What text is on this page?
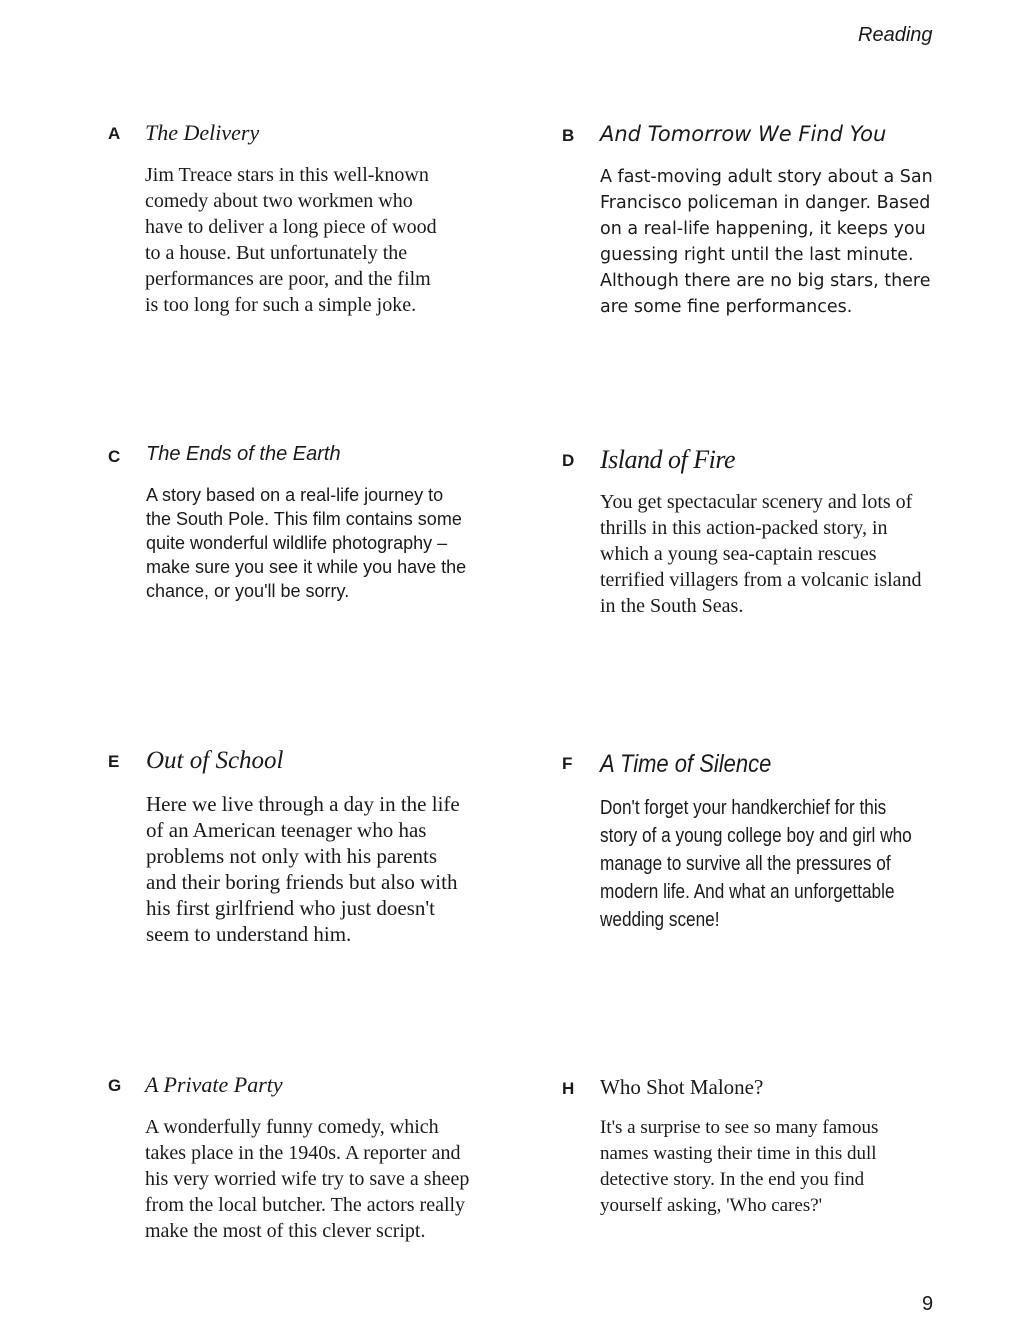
Reading
A The Delivery
Jim Treace stars in this well-known
comedy about two workmen who
have to deliver a long piece of wood
to a house. But unfortunately the
performances are poor, and the film
is too long for such a simple joke.
B And Tomorrow We Find You
A fast-moving adult story about a San
Francisco policeman in danger. Based
on a real-life happening, it keeps you
guessing right until the last minute.
Although there are no big stars, there
are some fine performances.
C The Ends of the Earth
A story based on a real-life journey to
the South Pole. This film contains some
quite wonderful wildlife photography –
make sure you see it while you have the
chance, or you'll be sorry.
D Island of Fire
You get spectacular scenery and lots of
thrills in this action-packed story, in
which a young sea-captain rescues
terrified villagers from a volcanic island
in the South Seas.
E Out of School
Here we live through a day in the life
of an American teenager who has
problems not only with his parents
and their boring friends but also with
his first girlfriend who just doesn't
seem to understand him.
F A Time of Silence
Don't forget your handkerchief for this
story of a young college boy and girl who
manage to survive all the pressures of
modern life. And what an unforgettable
wedding scene!
G A Private Party
A wonderfully funny comedy, which
takes place in the 1940s. A reporter and
his very worried wife try to save a sheep
from the local butcher. The actors really
make the most of this clever script.
H Who Shot Malone?
It's a surprise to see so many famous
names wasting their time in this dull
detective story. In the end you find
yourself asking, 'Who cares?'
9
